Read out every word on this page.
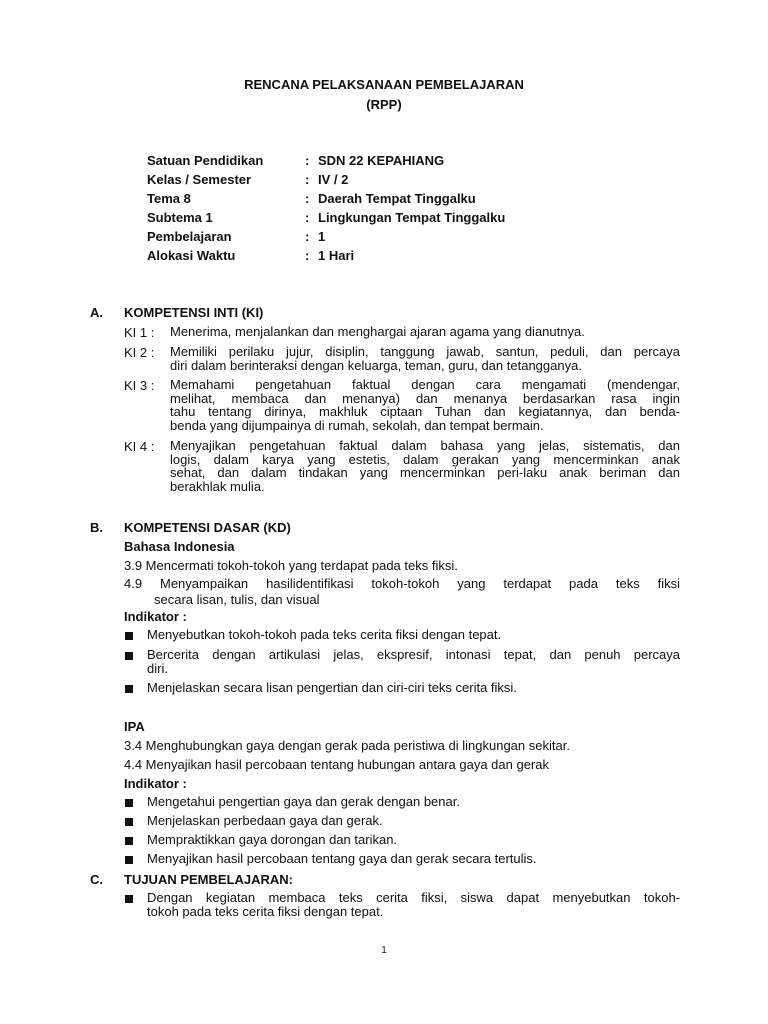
RENCANA PELAKSANAAN PEMBELAJARAN
(RPP)
Satuan Pendidikan	: SDN 22 KEPAHIANG
Kelas / Semester	: IV / 2
Tema 8	: Daerah Tempat Tinggalku
Subtema 1	: Lingkungan Tempat Tinggalku
Pembelajaran	: 1
Alokasi Waktu	: 1 Hari
A. KOMPETENSI INTI (KI)
KI 1 : Menerima, menjalankan dan menghargai ajaran agama yang dianutnya.
KI 2 : Memiliki perilaku jujur, disiplin, tanggung jawab, santun, peduli, dan percaya
diri dalam berinteraksi dengan keluarga, teman, guru, dan tetangganya.
KI 3 : Memahami pengetahuan faktual dengan cara mengamati (mendengar,
melihat, membaca dan menanya) dan menanya berdasarkan rasa ingin
tahu tentang dirinya, makhluk ciptaan Tuhan dan kegiatannya, dan benda-
benda yang dijumpainya di rumah, sekolah, dan tempat bermain.
KI 4 : Menyajikan pengetahuan faktual dalam bahasa yang jelas, sistematis, dan
logis, dalam karya yang estetis, dalam gerakan yang mencerminkan anak
sehat, dan dalam tindakan yang mencerminkan peri-laku anak beriman dan
berakhlak mulia.
B. KOMPETENSI DASAR (KD)
Bahasa Indonesia
3.9 Mencermati tokoh-tokoh yang terdapat pada teks fiksi.
4.9 Menyampaikan hasilidentifikasi tokoh-tokoh yang terdapat pada teks fiksi
secara lisan, tulis, dan visual
Indikator :
Menyebutkan tokoh-tokoh pada teks cerita fiksi dengan tepat.
Bercerita dengan artikulasi jelas, ekspresif, intonasi tepat, dan penuh percaya
diri.
Menjelaskan secara lisan pengertian dan ciri-ciri teks cerita fiksi.
IPA
3.4 Menghubungkan gaya dengan gerak pada peristiwa di lingkungan sekitar.
4.4 Menyajikan hasil percobaan tentang hubungan antara gaya dan gerak
Indikator :
Mengetahui pengertian gaya dan gerak dengan benar.
Menjelaskan perbedaan gaya dan gerak.
Mempraktikkan gaya dorongan dan tarikan.
Menyajikan hasil percobaan tentang gaya dan gerak secara tertulis.
C. TUJUAN PEMBELAJARAN:
Dengan kegiatan membaca teks cerita fiksi, siswa dapat menyebutkan tokoh-
tokoh pada teks cerita fiksi dengan tepat.
1
